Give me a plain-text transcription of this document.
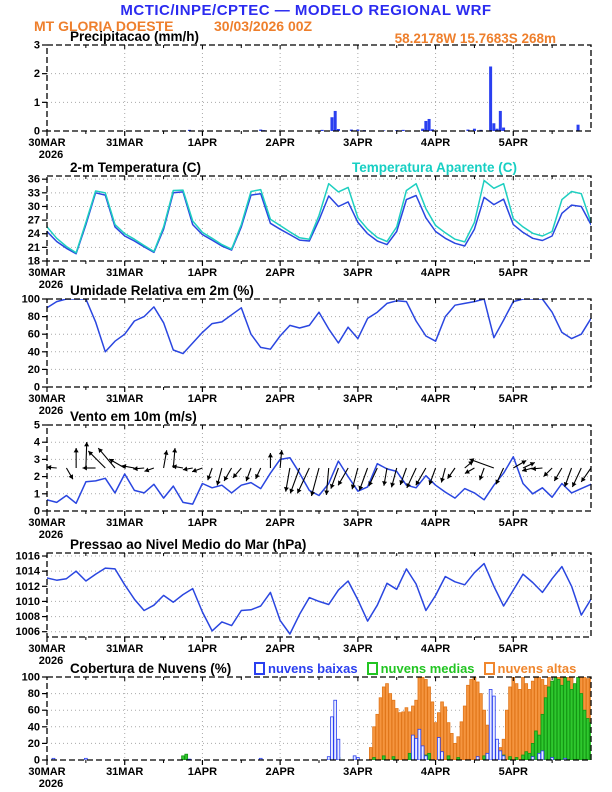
MCTIC/INPE/CPTEC — MODELO REGIONAL WRF
MT GLORIA DOESTE	30/03/2026 00Z
58.2178W 15.7683S 268m
Precipitacao (mm/h)
2-m Temperatura (C)	Temperatura Aparente (C)
Umidade Relativa em 2m (%)
Vento em 10m (m/s)
Pressao ao Nivel Medio do Mar (hPa)
Cobertura de Nuvens (%)	nuvens baixas nuvens medias nuvens altas
0
1
2
3
30MAR
2026
31MAR	1APR	2APR	3APR	4APR	5APR
18
21
24
27
30
33
36
30MAR
2026
31MAR	1APR	2APR	3APR	4APR	5APR
0
20
40
60
80
100
30MAR
2026
31MAR	1APR	2APR	3APR	4APR	5APR
0
1
2
3
4
5
30MAR
2026
31MAR	1APR	2APR	3APR	4APR	5APR
1006
1008
1010
1012
1014
1016
30MAR
2026
31MAR	1APR	2APR	3APR	4APR	5APR
0
20
40
60
80
100
30MAR
2026
31MAR	1APR	2APR	3APR	4APR	5APR
